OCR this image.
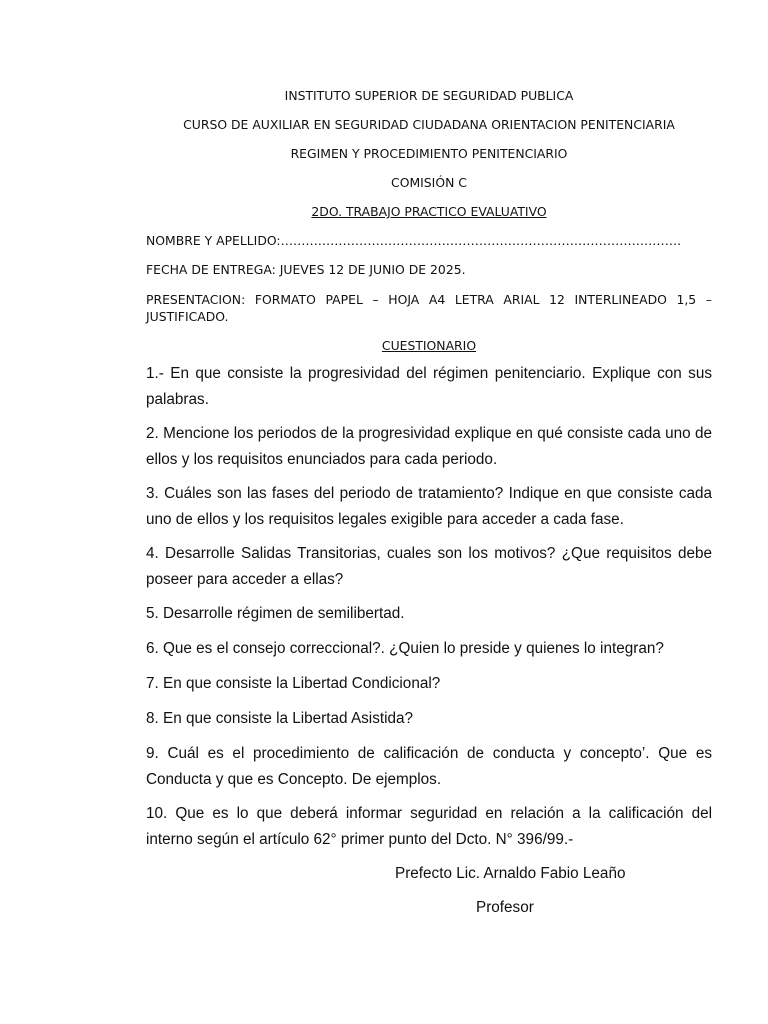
INSTITUTO SUPERIOR DE SEGURIDAD PUBLICA
CURSO DE AUXILIAR EN SEGURIDAD CIUDADANA ORIENTACION PENITENCIARIA
REGIMEN Y PROCEDIMIENTO PENITENCIARIO
COMISIÓN C
2DO. TRABAJO PRACTICO EVALUATIVO
NOMBRE Y APELLIDO:…………………………………………………………………………………….
FECHA DE ENTREGA: JUEVES 12 DE JUNIO DE 2025.
PRESENTACION: FORMATO PAPEL – HOJA A4 LETRA ARIAL 12 INTERLINEADO 1,5 – JUSTIFICADO.
CUESTIONARIO
1.- En que consiste la progresividad del régimen penitenciario. Explique con sus palabras.
2. Mencione los periodos de la progresividad explique en qué consiste cada uno de ellos y los requisitos enunciados para cada periodo.
3. Cuáles son las fases del periodo de tratamiento? Indique en que consiste cada uno de ellos y los requisitos legales exigible para acceder a cada fase.
4. Desarrolle Salidas Transitorias, cuales son los motivos? ¿Que requisitos debe poseer para acceder a ellas?
5. Desarrolle régimen de semilibertad.
6. Que es el consejo correccional?. ¿Quien lo preside y quienes lo integran?
7. En que consiste la Libertad Condicional?
8. En que consiste la Libertad Asistida?
9. Cuál es el procedimiento de calificación de conducta y concepto’. Que es Conducta y que es Concepto. De ejemplos.
10. Que es lo que deberá informar seguridad en relación a la calificación del interno según el artículo 62° primer punto del Dcto. N° 396/99.-
Prefecto Lic. Arnaldo Fabio Leaño
Profesor
